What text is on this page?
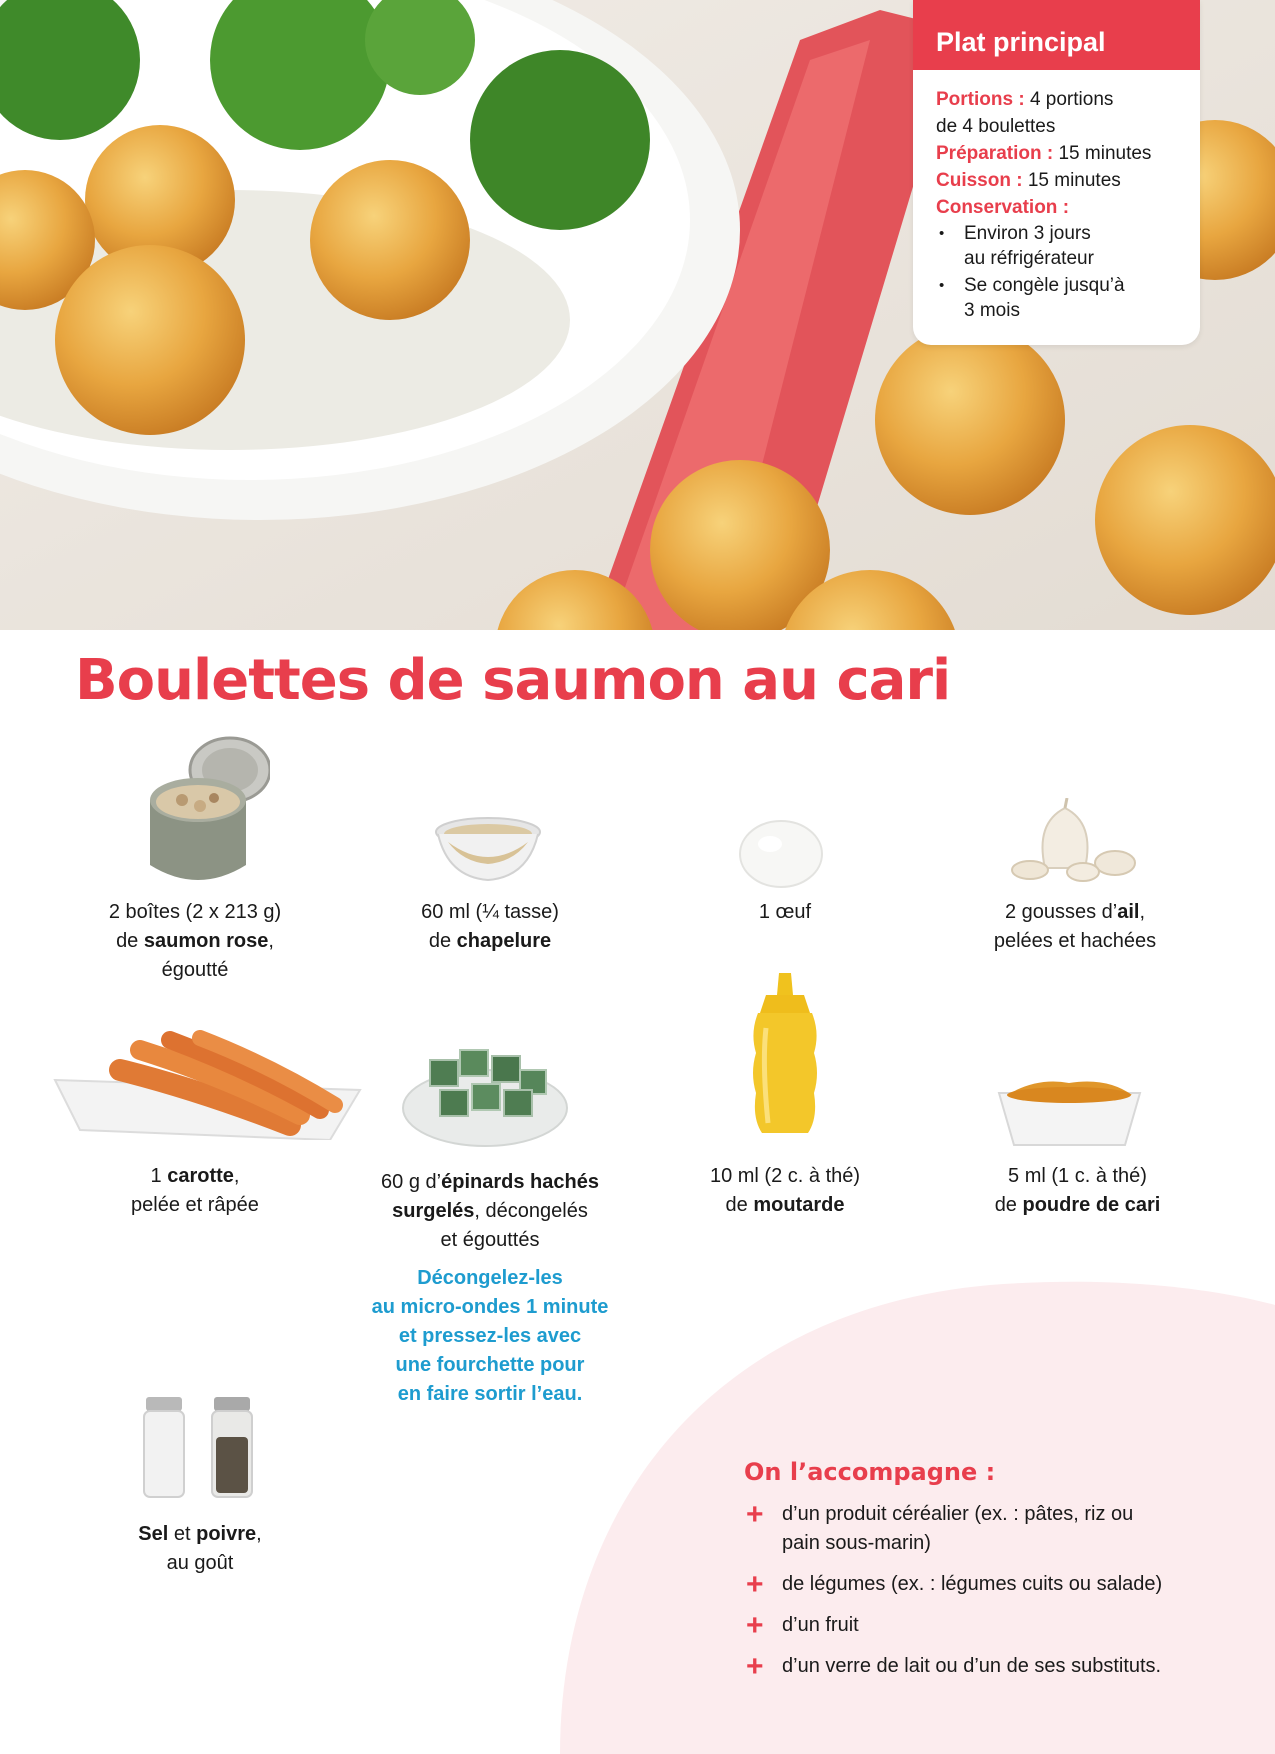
Plat principal
Portions : 4 portions
de 4 boulettes
Préparation : 15 minutes
Cuisson : 15 minutes
Conservation :
• Environ 3 jours
au réfrigérateur
• Se congèle jusqu’à
3 mois
Boulettes de saumon au cari
2 boîtes (2 x 213 g)
de saumon rose,
égoutté
60 ml (¼ tasse)
de chapelure
1 œuf	2 gousses d’ail,
pelées et hachées
1 carotte,
pelée et râpée
60 g d’épinards hachés
surgelés, décongelés
et égouttés
10 ml (2 c. à thé)
de moutarde
5 ml (1 c. à thé)
de poudre de cari
Sel et poivre,
au goût
Décongelez-les
au micro-ondes 1 minute
et pressez-les avec
une fourchette pour
en faire sortir l’eau.
On l’accompagne :
+ d’un produit céréalier (ex. : pâtes, riz ou
pain sous-marin)
+ de légumes (ex. : légumes cuits ou salade)
+ d’un fruit
+ d’un verre de lait ou d’un de ses substituts.
